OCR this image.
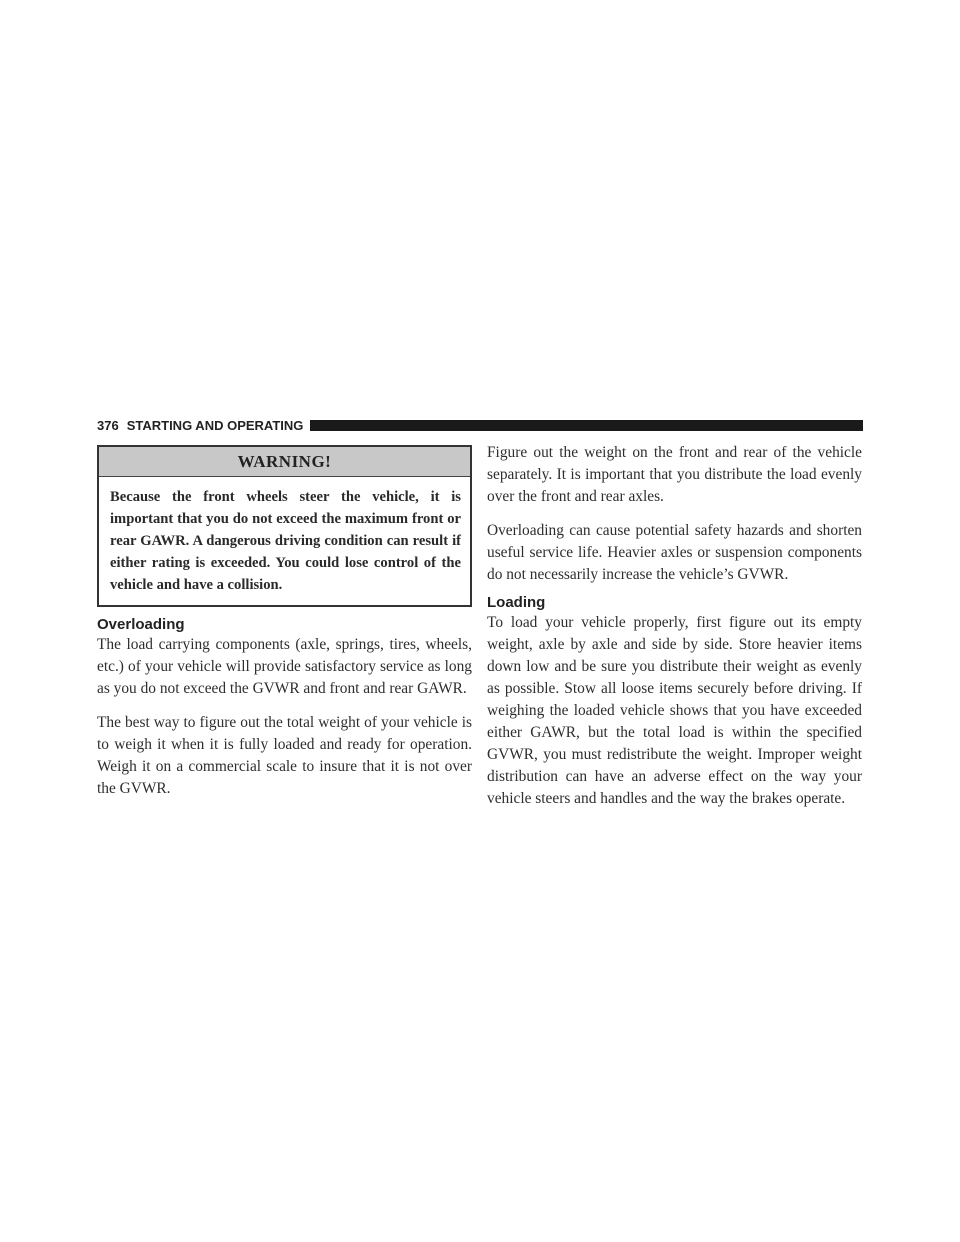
376 STARTING AND OPERATING
WARNING!
Because the front wheels steer the vehicle, it is important that you do not exceed the maximum front or rear GAWR. A dangerous driving condition can result if either rating is exceeded. You could lose control of the vehicle and have a collision.
Overloading

The load carrying components (axle, springs, tires, wheels, etc.) of your vehicle will provide satisfactory service as long as you do not exceed the GVWR and front and rear GAWR.

The best way to figure out the total weight of your vehicle is to weigh it when it is fully loaded and ready for operation. Weigh it on a commercial scale to insure that it is not over the GVWR.

Figure out the weight on the front and rear of the vehicle separately. It is important that you distribute the load evenly over the front and rear axles.

Overloading can cause potential safety hazards and shorten useful service life. Heavier axles or suspension components do not necessarily increase the vehicle’s GVWR.

Loading

To load your vehicle properly, first figure out its empty weight, axle by axle and side by side. Store heavier items down low and be sure you distribute their weight as evenly as possible. Stow all loose items securely before driving. If weighing the loaded vehicle shows that you have exceeded either GAWR, but the total load is within the specified GVWR, you must redistribute the weight. Improper weight distribution can have an adverse effect on the way your vehicle steers and handles and the way the brakes operate.
